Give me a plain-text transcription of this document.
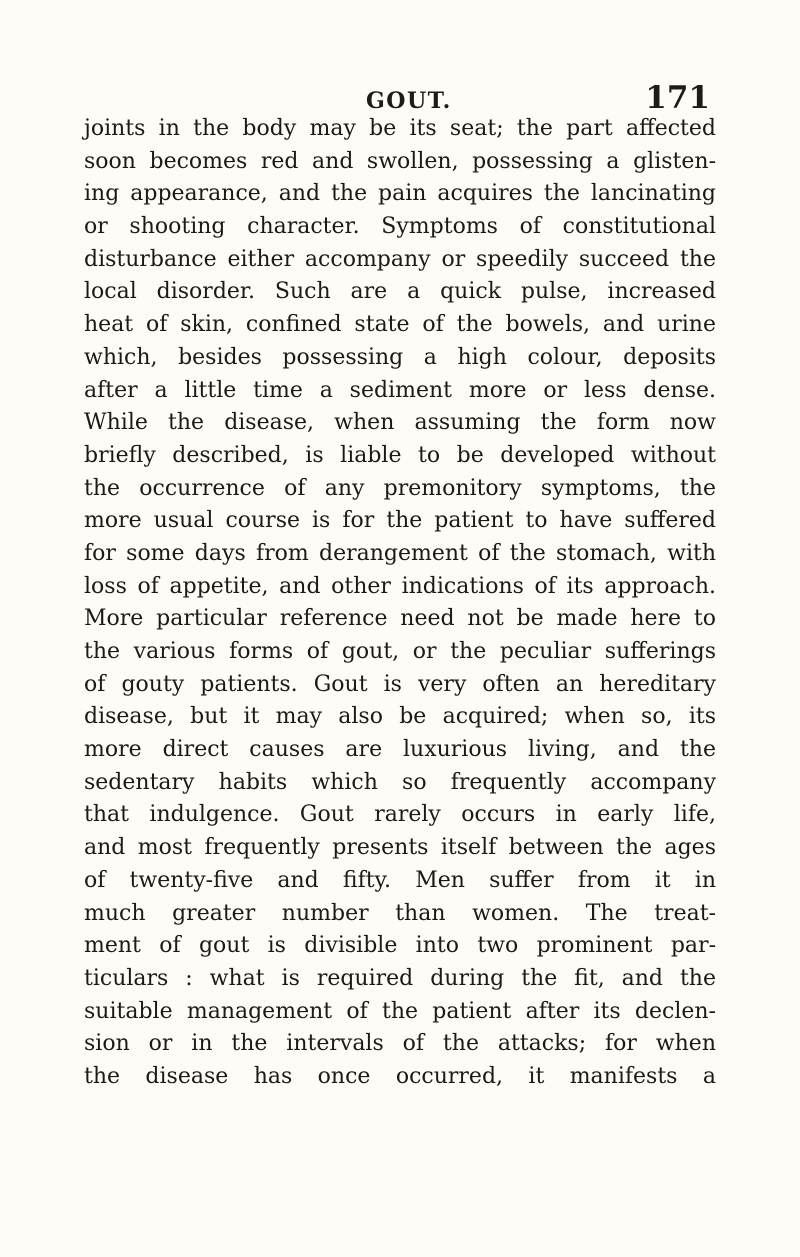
GOUT.	171

joints in the body may be its seat; the part affected
soon becomes red and swollen, possessing a glisten-
ing appearance, and the pain acquires the lancinating
or shooting character. Symptoms of constitutional
disturbance either accompany or speedily succeed the
local disorder. Such are a quick pulse, increased
heat of skin, confined state of the bowels, and urine
which, besides possessing a high colour, deposits
after a little time a sediment more or less dense.
While the disease, when assuming the form now
briefly described, is liable to be developed without
the occurrence of any premonitory symptoms, the
more usual course is for the patient to have suffered
for some days from derangement of the stomach, with
loss of appetite, and other indications of its approach.
More particular reference need not be made here to
the various forms of gout, or the peculiar sufferings
of gouty patients. Gout is very often an hereditary
disease, but it may also be acquired; when so, its
more direct causes are luxurious living, and the
sedentary habits which so frequently accompany
that indulgence. Gout rarely occurs in early life,
and most frequently presents itself between the ages
of twenty-five and fifty. Men suffer from it in
much greater number than women. The treat-
ment of gout is divisible into two prominent par-
ticulars : what is required during the fit, and the
suitable management of the patient after its declen-
sion or in the intervals of the attacks; for when
the disease has once occurred, it manifests a
